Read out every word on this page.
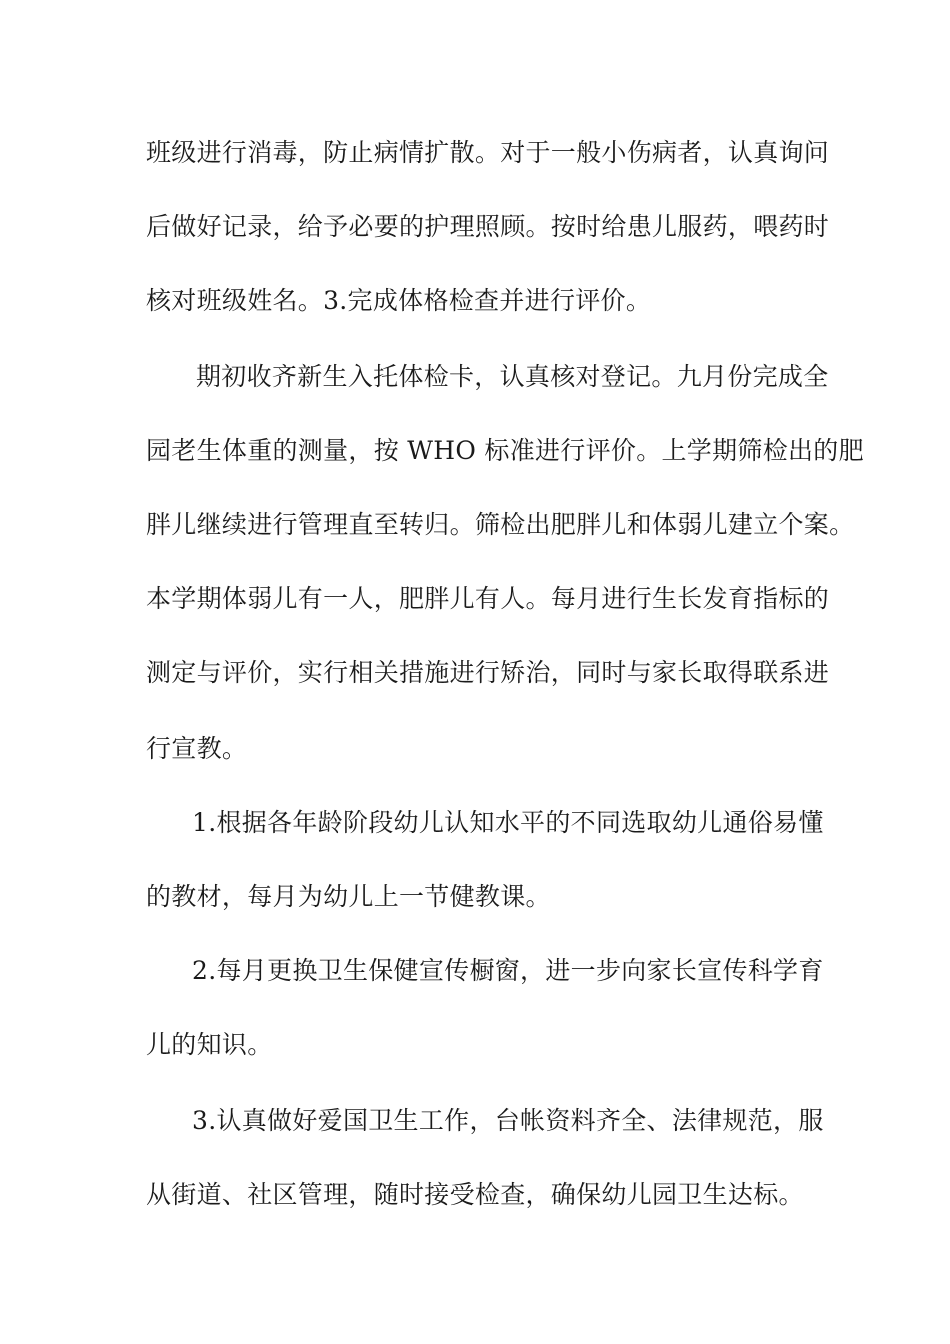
班级进行消毒，防止病情扩散。对于一般小伤病者，认真询问
后做好记录，给予必要的护理照顾。按时给患儿服药，喂药时
核对班级姓名。3.完成体格检查并进行评价。
期初收齐新生入托体检卡，认真核对登记。九月份完成全
园老生体重的测量，按 WHO 标准进行评价。上学期筛检出的肥
胖儿继续进行管理直至转归。筛检出肥胖儿和体弱儿建立个案。
本学期体弱儿有一人，肥胖儿有人。每月进行生长发育指标的
测定与评价，实行相关措施进行矫治，同时与家长取得联系进
行宣教。
1.根据各年龄阶段幼儿认知水平的不同选取幼儿通俗易懂
的教材，每月为幼儿上一节健教课。
2.每月更换卫生保健宣传橱窗，进一步向家长宣传科学育
儿的知识。
3.认真做好爱国卫生工作，台帐资料齐全、法律规范，服
从街道、社区管理，随时接受检查，确保幼儿园卫生达标。
